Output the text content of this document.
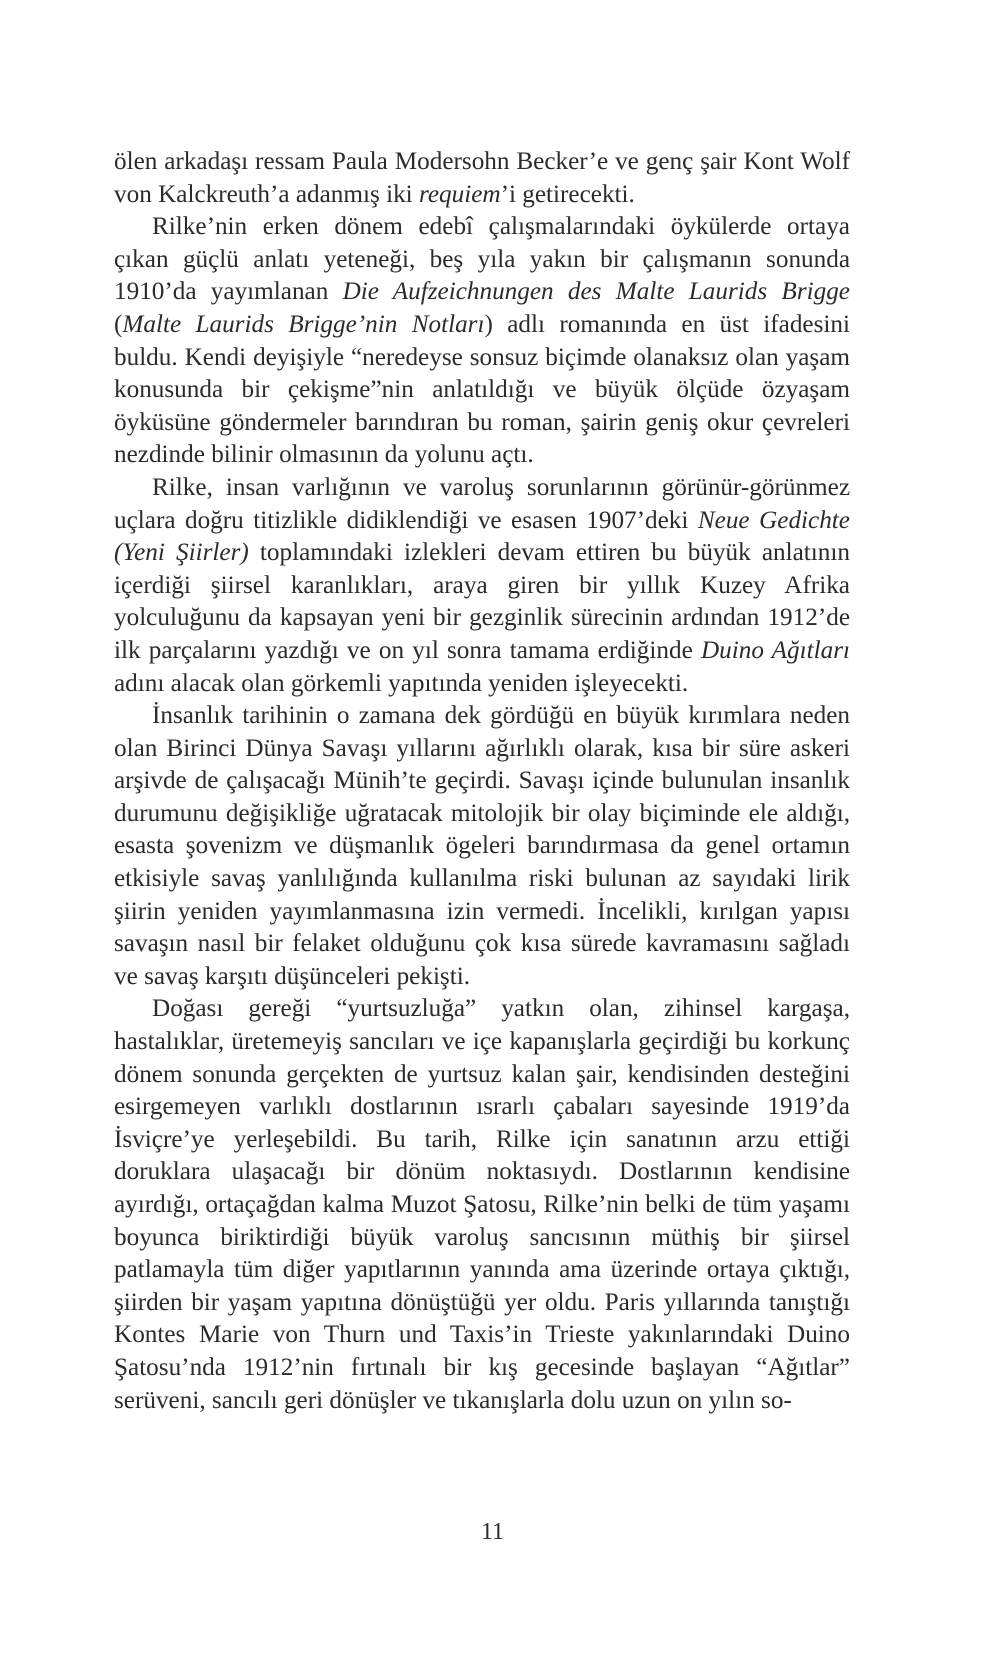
ölen arkadaşı ressam Paula Modersohn Becker’e ve genç şair Kont Wolf von Kalckreuth’a adanmış iki requiem’i getirecekti.

Rilke’nin erken dönem edebî çalışmalarındaki öykülerde ortaya çıkan güçlü anlatı yeteneği, beş yıla yakın bir çalışmanın sonunda 1910’da yayımlanan Die Aufzeichnungen des Malte Laurids Brigge (Malte Laurids Brigge’nin Notları) adlı romanında en üst ifadesini buldu. Kendi deyişiyle “neredeyse sonsuz biçimde olanaksız olan yaşam konusunda bir çekişme”nin anlatıldığı ve büyük ölçüde özyaşam öyküsüne göndermeler barındıran bu roman, şairin geniş okur çevreleri nezdinde bilinir olmasının da yolunu açtı.

Rilke, insan varlığının ve varoluş sorunlarının görünür-görünmez uçlara doğru titizlikle didiklendiği ve esasen 1907’deki Neue Gedichte (Yeni Şiirler) toplamındaki izlekleri devam ettiren bu büyük anlatının içerdiği şiirsel karanlıkları, araya giren bir yıllık Kuzey Afrika yolculuğunu da kapsayan yeni bir gezginlik sürecinin ardından 1912’de ilk parçalarını yazdığı ve on yıl sonra tamama erdiğinde Duino Ağıtları adını alacak olan görkemli yapıtında yeniden işleyecekti.

İnsanlık tarihinin o zamana dek gördüğü en büyük kırımlara neden olan Birinci Dünya Savaşı yıllarını ağırlıklı olarak, kısa bir süre askeri arşivde de çalışacağı Münih’te geçirdi. Savaşı içinde bulunulan insanlık durumunu değişikliğe uğratacak mitolojik bir olay biçiminde ele aldığı, esasta şovenizm ve düşmanlık ögeleri barındırmasa da genel ortamın etkisiyle savaş yanlılığında kullanılma riski bulunan az sayıdaki lirik şiirin yeniden yayımlanmasına izin vermedi. İncelikli, kırılgan yapısı savaşın nasıl bir felaket olduğunu çok kısa sürede kavramasını sağladı ve savaş karşıtı düşünceleri pekişti.

Doğası gereği “yurtsuzluğa” yatkın olan, zihinsel kargaşa, hastalıklar, üretemeyiş sancıları ve içe kapanışlarla geçirdiği bu korkunç dönem sonunda gerçekten de yurtsuz kalan şair, kendisinden desteğini esirgemeyen varlıklı dostlarının ısrarlı çabaları sayesinde 1919’da İsviçre’ye yerleşebildi. Bu tarih, Rilke için sanatının arzu ettiği doruklara ulaşacağı bir dönüm noktasıydı. Dostlarının kendisine ayırdığı, ortaçağdan kalma Muzot Şatosu, Rilke’nin belki de tüm yaşamı boyunca biriktirdiği büyük varoluş sancısının müthiş bir şiirsel patlamayla tüm diğer yapıtlarının yanında ama üzerinde ortaya çıktığı, şiirden bir yaşam yapıtına dönüştüğü yer oldu. Paris yıllarında tanıştığı Kontes Marie von Thurn und Taxis’in Trieste yakınlarındaki Duino Şatosu’nda 1912’nin fırtınalı bir kış gecesinde başlayan “Ağıtlar” serüveni, sancılı geri dönüşler ve tıkanışlarla dolu uzun on yılın so-

11
